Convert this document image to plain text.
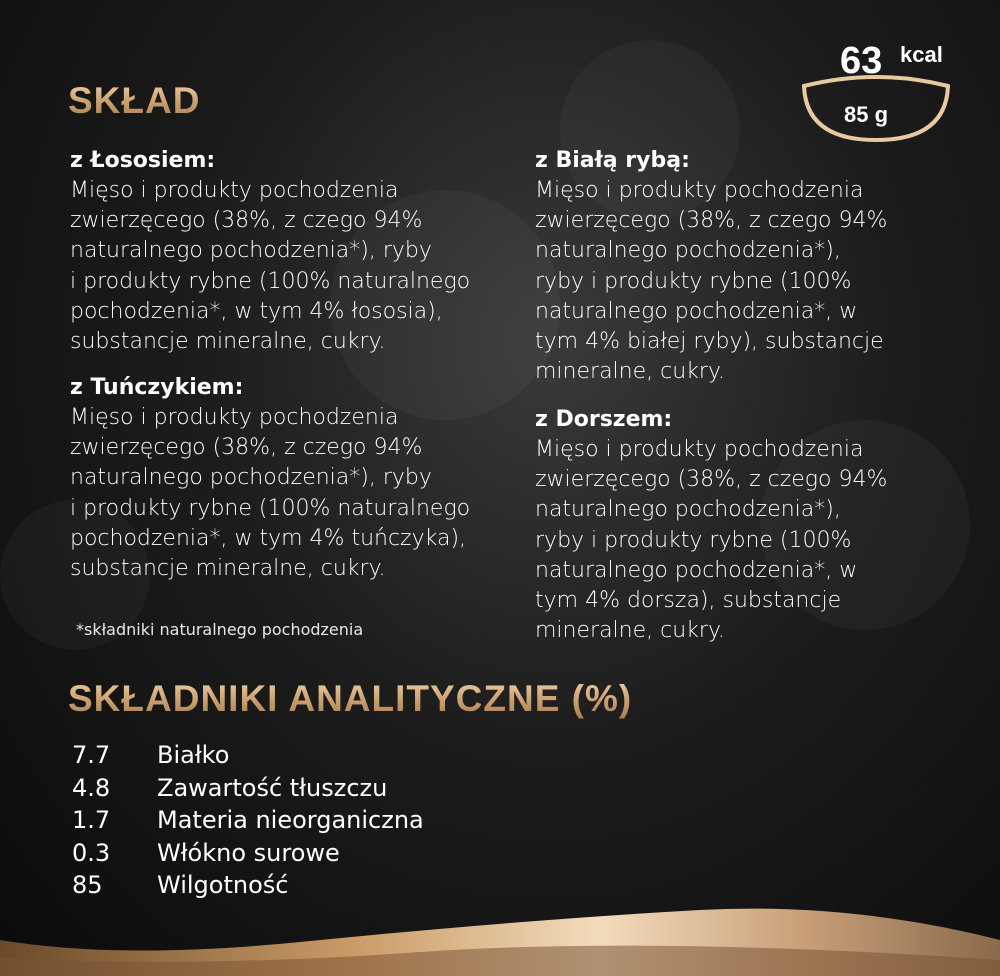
SKŁAD
63 kcal
85 g

z Łososiem:

Mięso i produkty pochodzenia
zwierzęcego (38%, z czego 94%
naturalnego pochodzenia*), ryby
i produkty rybne (100% naturalnego
pochodzenia*, w tym 4% łososia),
substancje mineralne, cukry.

z Tuńczykiem:

Mięso i produkty pochodzenia
zwierzęcego (38%, z czego 94%
naturalnego pochodzenia*), ryby
i produkty rybne (100% naturalnego
pochodzenia*, w tym 4% tuńczyka),
substancje mineralne, cukry.

z Białą rybą:

Mięso i produkty pochodzenia
zwierzęcego (38%, z czego 94%
naturalnego pochodzenia*),
ryby i produkty rybne (100%
naturalnego pochodzenia*, w
tym 4% białej ryby), substancje
mineralne, cukry.

z Dorszem:

Mięso i produkty pochodzenia
zwierzęcego (38%, z czego 94%
naturalnego pochodzenia*),
ryby i produkty rybne (100%
naturalnego pochodzenia*, w
tym 4% dorsza), substancje
mineralne, cukry.

*składniki naturalnego pochodzenia
SKŁADNIKI ANALITYCZNE (%)
7.7	Białko
4.8	Zawartość tłuszczu
1.7	Materia nieorganiczna
0.3	Włókno surowe
85	Wilgotność
